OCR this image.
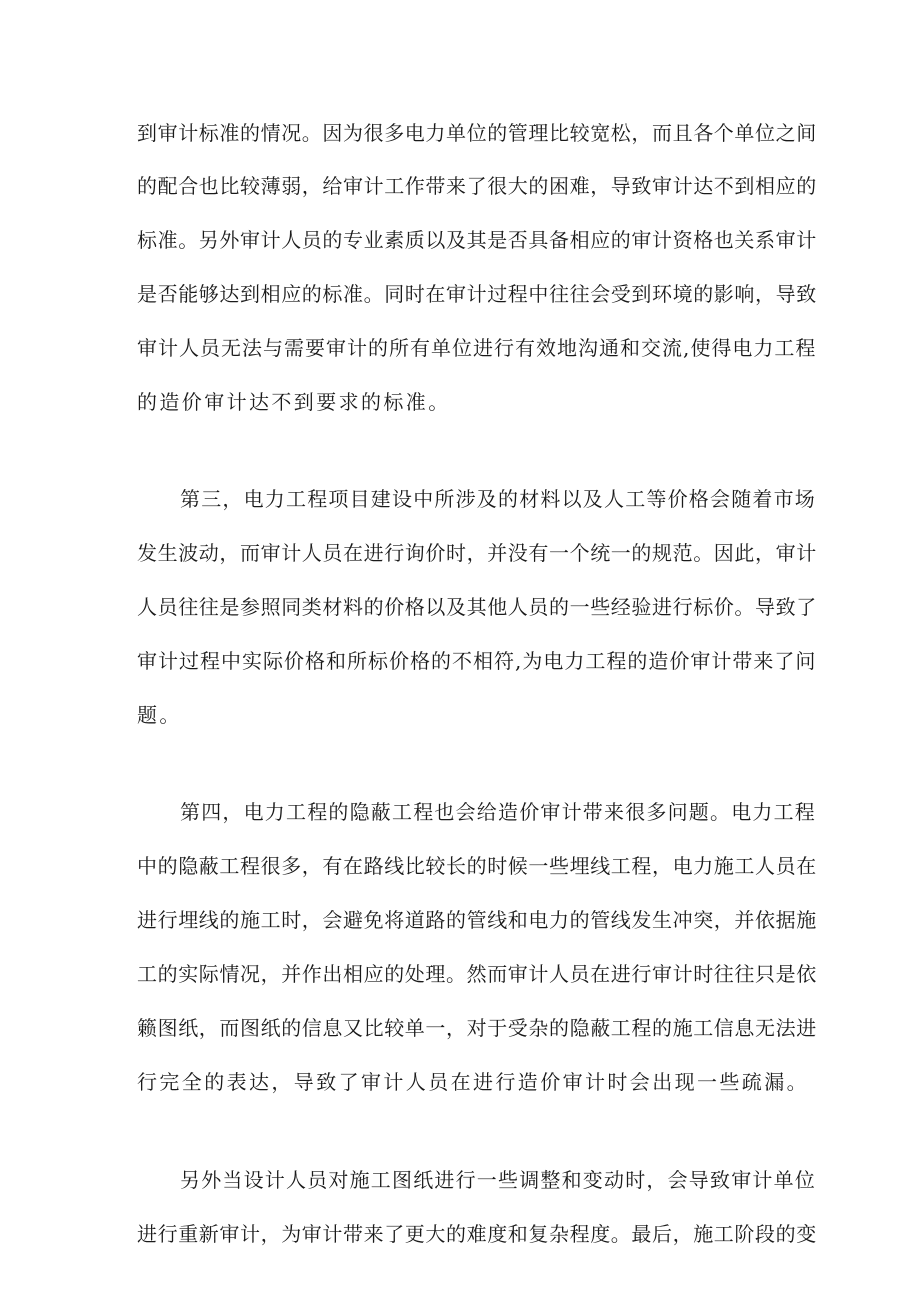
到审计标准的情况。因为很多电力单位的管理比较宽松，而且各个单位之间
的配合也比较薄弱，给审计工作带来了很大的困难，导致审计达不到相应的
标准。另外审计人员的专业素质以及其是否具备相应的审计资格也关系审计
是否能够达到相应的标准。同时在审计过程中往往会受到环境的影响，导致
审计人员无法与需要审计的所有单位进行有效地沟通和交流,使得电力工程
的造价审计达不到要求的标准。
第三，电力工程项目建设中所涉及的材料以及人工等价格会随着市场
发生波动，而审计人员在进行询价时，并没有一个统一的规范。因此，审计
人员往往是参照同类材料的价格以及其他人员的一些经验进行标价。导致了
审计过程中实际价格和所标价格的不相符,为电力工程的造价审计带来了问
题。
第四，电力工程的隐蔽工程也会给造价审计带来很多问题。电力工程
中的隐蔽工程很多，有在路线比较长的时候一些埋线工程，电力施工人员在
进行埋线的施工时，会避免将道路的管线和电力的管线发生冲突，并依据施
工的实际情况，并作出相应的处理。然而审计人员在进行审计时往往只是依
籁图纸，而图纸的信息又比较单一，对于受杂的隐蔽工程的施工信息无法进
行完全的表达，导致了审计人员在进行造价审计时会出现一些疏漏。
另外当设计人员对施工图纸进行一些调整和变动时，会导致审计单位
进行重新审计，为审计带来了更大的难度和复杂程度。最后，施工阶段的变
